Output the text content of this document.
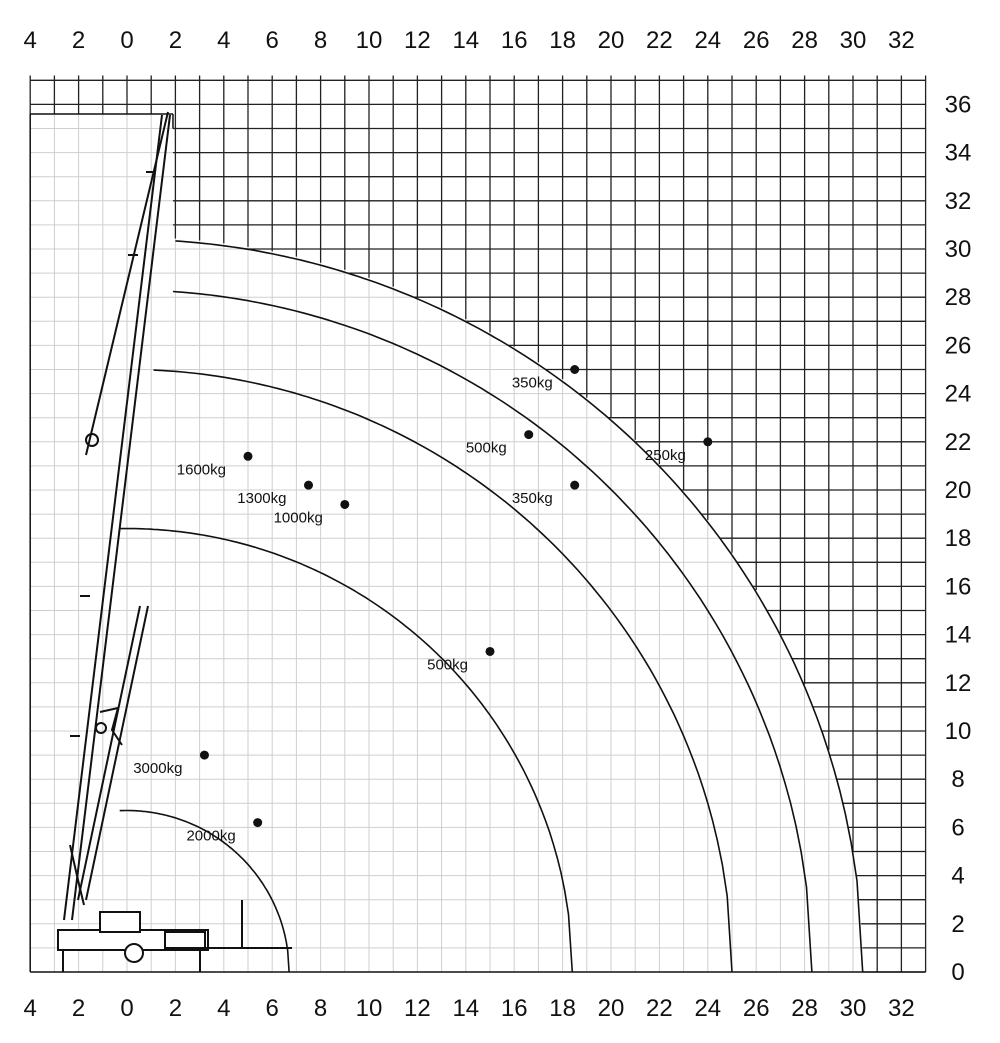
3000kg
2000kg
1600kg
1300kg
1000kg
500kg
500kg
350kg
350kg
250kg
4 2 0 2 4 6 8 10 12 14 16 18 20 22 24 26 28 30 32
4 2 0 2 4 6 8 10 12 14 16 18 20 22 24 26 28 30 32
0
2
4
6
8
10
12
14
16
18
20
22
24
26
28
30
32
34
36
